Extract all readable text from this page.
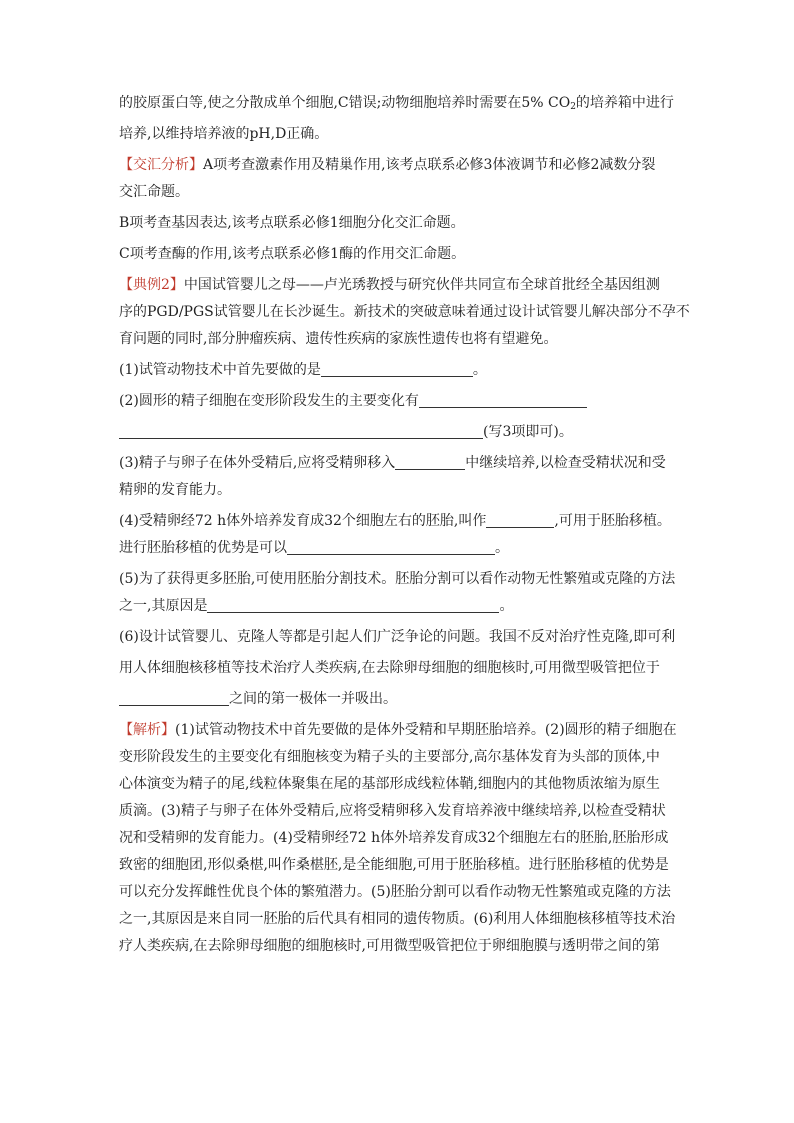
的胶原蛋白等,使之分散成单个细胞,C错误;动物细胞培养时需要在5% $CO_2$的培养箱中进行

培养,以维持培养液的pH,D正确。

【交汇分析】A项考查激素作用及精巢作用,该考点联系必修3体液调节和必修2减数分裂

交汇命题。

B项考查基因表达,该考点联系必修1细胞分化交汇命题。

C项考查酶的作用,该考点联系必修1酶的作用交汇命题。

【典例2】中国试管婴儿之母——卢光琇教授与研究伙伴共同宣布全球首批经全基因组测

序的PGD/PGS试管婴儿在长沙诞生。新技术的突破意味着通过设计试管婴儿解决部分不孕不

育问题的同时,部分肿瘤疾病、遗传性疾病的家族性遗传也将有望避免。

(1)试管动物技术中首先要做的是	。

(2)圆形的精子细胞在变形阶段发生的主要变化有

(写3项即可)。

(3)精子与卵子在体外受精后,应将受精卵移入	中继续培养,以检查受精状况和受

精卵的发育能力。

(4)受精卵经72 h体外培养发育成32个细胞左右的胚胎,叫作	,可用于胚胎移植。

进行胚胎移植的优势是可以	。

(5)为了获得更多胚胎,可使用胚胎分割技术。胚胎分割可以看作动物无性繁殖或克隆的方法

之一,其原因是	。

(6)设计试管婴儿、克隆人等都是引起人们广泛争论的问题。我国不反对治疗性克隆,即可利

用人体细胞核移植等技术治疗人类疾病,在去除卵母细胞的细胞核时,可用微型吸管把位于

之间的第一极体一并吸出。

【解析】(1)试管动物技术中首先要做的是体外受精和早期胚胎培养。(2)圆形的精子细胞在

变形阶段发生的主要变化有细胞核变为精子头的主要部分,高尔基体发育为头部的顶体,中

心体演变为精子的尾,线粒体聚集在尾的基部形成线粒体鞘,细胞内的其他物质浓缩为原生

质滴。(3)精子与卵子在体外受精后,应将受精卵移入发育培养液中继续培养,以检查受精状

况和受精卵的发育能力。(4)受精卵经72 h体外培养发育成32个细胞左右的胚胎,胚胎形成

致密的细胞团,形似桑椹,叫作桑椹胚,是全能细胞,可用于胚胎移植。进行胚胎移植的优势是

可以充分发挥雌性优良个体的繁殖潜力。(5)胚胎分割可以看作动物无性繁殖或克隆的方法

之一,其原因是来自同一胚胎的后代具有相同的遗传物质。(6)利用人体细胞核移植等技术治

疗人类疾病,在去除卵母细胞的细胞核时,可用微型吸管把位于卵细胞膜与透明带之间的第
